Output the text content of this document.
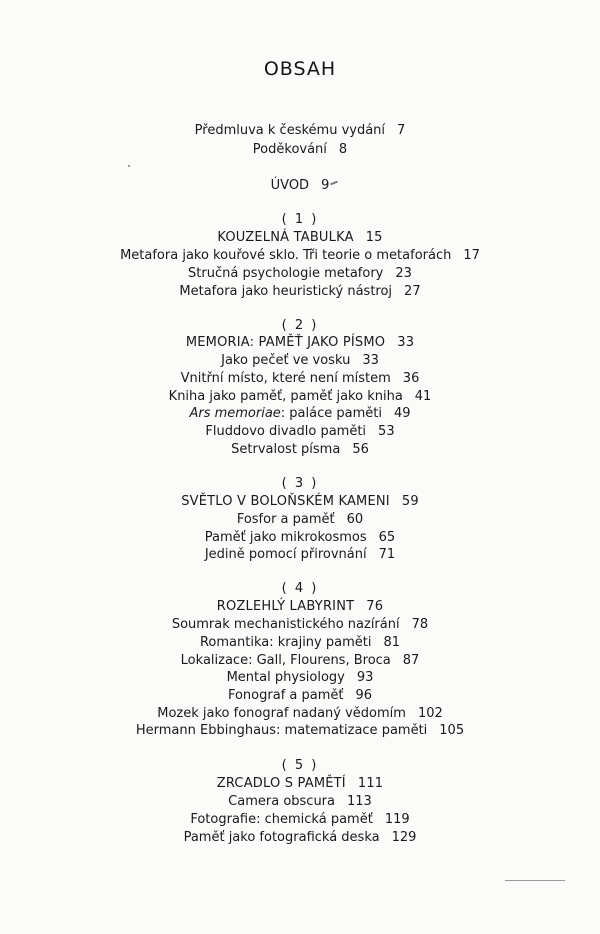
OBSAH
Předmluva k českému vydání 7
Poděkování 8
ÚVOD 9
( 1 )
KOUZELNÁ TABULKA 15
Metafora jako kouřové sklo. Tři teorie o metaforách 17
Stručná psychologie metafory 23
Metafora jako heuristický nástroj 27
( 2 )
MEMORIA: PAMĚŤ JAKO PÍSMO 33
Jako pečeť ve vosku 33
Vnitřní místo, které není místem 36
Kniha jako paměť, paměť jako kniha 41
Ars memoriae: paláce paměti 49
Fluddovo divadlo paměti 53
Setrvalost písma 56
( 3 )
SVĚTLO V BOLOŇSKÉM KAMENI 59
Fosfor a paměť 60
Paměť jako mikrokosmos 65
Jedině pomocí přirovnání 71
( 4 )
ROZLEHLÝ LABYRINT 76
Soumrak mechanistického nazírání 78
Romantika: krajiny paměti 81
Lokalizace: Gall, Flourens, Broca 87
Mental physiology 93
Fonograf a paměť 96
Mozek jako fonograf nadaný vědomím 102
Hermann Ebbinghaus: matematizace paměti 105
( 5 )
ZRCADLO S PAMĚTÍ 111
Camera obscura 113
Fotografie: chemická paměť 119
Paměť jako fotografická deska 129
